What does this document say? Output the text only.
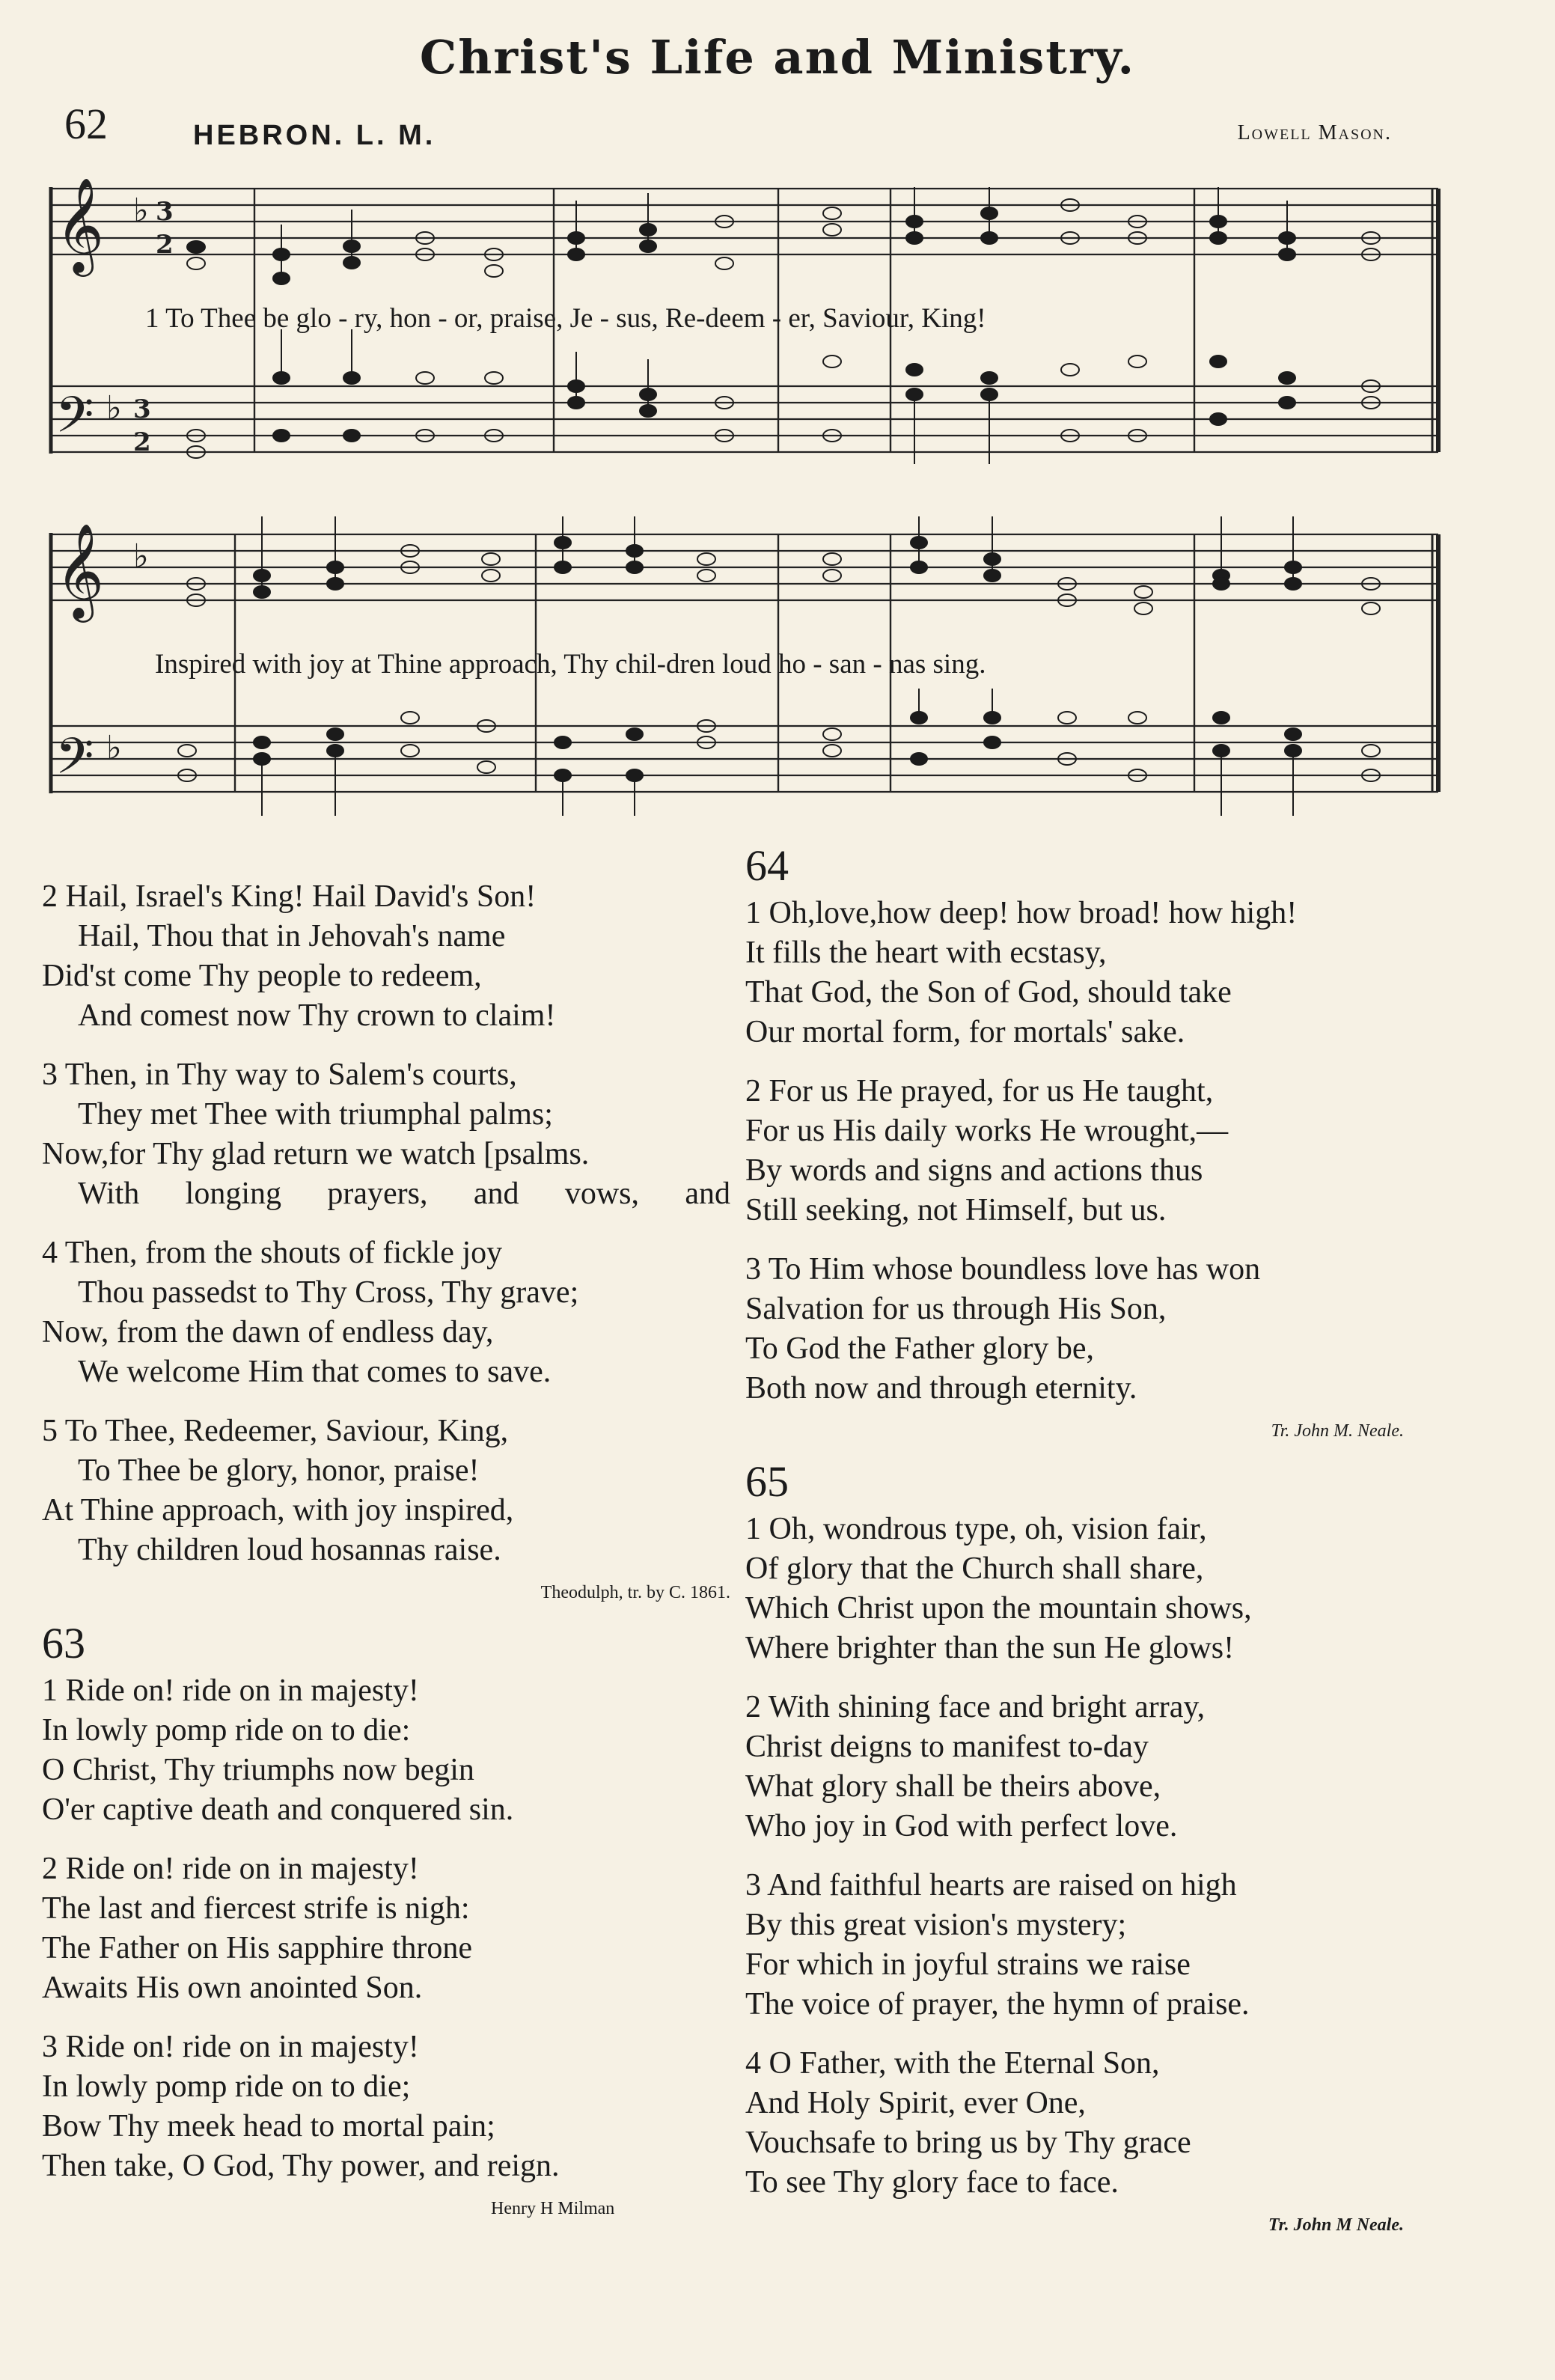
Christ's Life and Ministry.
62	HEBRON. L. M.	Lowell Mason.
𝄞
𝄞
𝄢
𝄢
♭
♭
♭
♭
3
2
3
2
1 To Thee be glo - ry, hon - or, praise, Je - sus, Re-deem - er, Saviour, King!
Inspired with joy at Thine approach, Thy chil-dren loud ho - san - nas sing.
2 Hail, Israel's King! Hail David's Son!
Hail, Thou that in Jehovah's name
Did'st come Thy people to redeem,
And comest now Thy crown to claim!
3 Then, in Thy way to Salem's courts,
They met Thee with triumphal palms;
Now,for Thy glad return we watch [psalms.
With longing prayers, and vows, and
4 Then, from the shouts of fickle joy
Thou passedst to Thy Cross, Thy grave;
Now, from the dawn of endless day,
We welcome Him that comes to save.
5 To Thee, Redeemer, Saviour, King,
To Thee be glory, honor, praise!
At Thine approach, with joy inspired,
Thy children loud hosannas raise.
Theodulph, tr. by C. 1861.
63
1 Ride on! ride on in majesty!
In lowly pomp ride on to die:
O Christ, Thy triumphs now begin
O'er captive death and conquered sin.
2 Ride on! ride on in majesty!
The last and fiercest strife is nigh:
The Father on His sapphire throne
Awaits His own anointed Son.
3 Ride on! ride on in majesty!
In lowly pomp ride on to die;
Bow Thy meek head to mortal pain;
Then take, O God, Thy power, and reign.
Henry H Milman
64
1 Oh,love,how deep! how broad! how high!
It fills the heart with ecstasy,
That God, the Son of God, should take
Our mortal form, for mortals' sake.
2 For us He prayed, for us He taught,
For us His daily works He wrought,—
By words and signs and actions thus
Still seeking, not Himself, but us.
3 To Him whose boundless love has won
Salvation for us through His Son,
To God the Father glory be,
Both now and through eternity.
Tr. John M. Neale.
65
1 Oh, wondrous type, oh, vision fair,
Of glory that the Church shall share,
Which Christ upon the mountain shows,
Where brighter than the sun He glows!
2 With shining face and bright array,
Christ deigns to manifest to-day
What glory shall be theirs above,
Who joy in God with perfect love.
3 And faithful hearts are raised on high
By this great vision's mystery;
For which in joyful strains we raise
The voice of prayer, the hymn of praise.
4 O Father, with the Eternal Son,
And Holy Spirit, ever One,
Vouchsafe to bring us by Thy grace
To see Thy glory face to face.
Tr. John M Neale.
